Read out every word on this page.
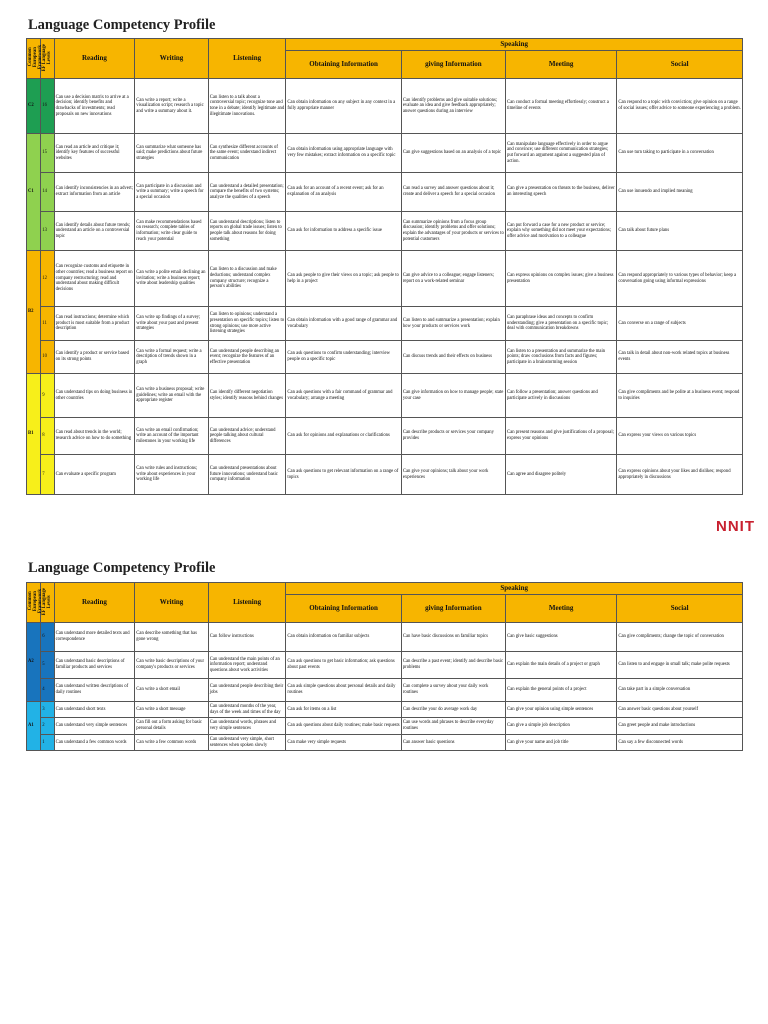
Language Competency Profile
Common
European
Framework	EF Language
Levels	Reading	Writing	Listening	Speaking			
					Obtaining Information	giving Information	Meeting	Social
C2	16	Can use a decision matrix to arrive at a decision; identify benefits and drawbacks of investments; read proposals on new innovations	Can write a report; write a visualization script; research a topic and write a summary about it.	Can listen to a talk about a controversial topic; recognize tone and tone in a debate; identify legitimate and illegitimate innovations.	Can obtain information on any subject in any context in a fully appropriate manner	Can identify problems and give suitable solutions; evaluate an idea and give feedback appropriately; answer questions during an interview	Can conduct a formal meeting effortlessly; construct a timeline of events	Can respond to a topic with conviction; give opinion on a range of social issues; offer advice to someone experiencing a problem.
C1	15	Can read an article and critique it; identify key features of successful websites	Can summarize what someone has said; make predictions about future strategies	Can synthesize different accounts of the same event; understand indirect communication	Can obtain information using appropriate language with very few mistakes; extract information on a specific topic	Can give suggestions based on an analysis of a topic	Can manipulate language effectively in order to argue and convince; use different communication strategies; put forward an argument against a suggested plan of action.	Can use turn taking to participate in a conversation
	14	Can identify inconsistencies in an advert; extract information from an article	Can participate in a discussion and write a summary; write a speech for a special occasion	Can understand a detailed presentation; compare the benefits of two systems; analyze the qualities of a speech	Can ask for an account of a recent event; ask for an explanation of an analysis	Can read a survey and answer questions about it; create and deliver a speech for a special occasion	Can give a presentation on threats to the business, deliver an interesting speech	Can use innuendo and implied meaning
	13	Can identify details about future trends; understand an article on a controversial topic	Can make recommendations based on research; complete tables of information; write clear guide to reach your potential	Can understand descriptions; listen to reports on global trade issues; listen to people talk about reasons for doing something	Can ask for information to address a specific issue	Can summarize opinions from a focus group discussion; identify problems and offer solutions; explain the advantages of your products or services to potential customers	Can put forward a case for a new product or service; explain why something did not meet your expectations; offer advice and motivation to a colleague	Can talk about future plans
B2	12	Can recognize customs and etiquette in other countries; read a business report on company restructuring; read and understand about making difficult decisions	Can write a polite email declining an invitation; write a business report; write about leadership qualities	Can listen to a discussion and make deductions; understand complex company structure; recognize a person's abilities	Can ask people to give their views on a topic; ask people to help in a project	Can give advice to a colleague; engage listeners; report on a work-related seminar	Can express opinions on complex issues; give a business presentation	Can respond appropriately to various types of behavior; keep a conversation going using informal expressions
	11	Can read instructions; determine which product is most suitable from a product description	Can write up findings of a survey; write about your past and present strategies	Can listen to opinions; understand a presentation on specific topics; listen to strong opinions; use more active listening strategies	Can obtain information with a good range of grammar and vocabulary	Can listen to and summarize a presentation; explain how your products or services work	Can paraphrase ideas and concepts to confirm understanding; give a presentation on a specific topic; deal with communication breakdowns	Can converse on a range of subjects
	10	Can identify a product or service based on its strong points	Can write a formal request; write a description of trends shown in a graph	Can understand people describing an event; recognize the features of an effective presentation	Can ask questions to confirm understanding; interview people on a specific topic	Can discuss trends and their effects on business	Can listen to a presentation and summarize the main points; draw conclusions from facts and figures; participate in a brainstorming session	Can talk in detail about non-work related topics at business events
B1	9	Can understand tips on doing business in other countries	Can write a business proposal; write guidelines; write an email with the appropriate register	Can identify different negotiation styles; identify reasons behind changes	Can ask questions with a fair command of grammar and vocabulary; arrange a meeting	Can give information on how to manage people; state your case	Can follow a presentation; answer questions and participate actively in discussions	Can give compliments and be polite at a business event; respond to inquiries
	8	Can read about trends in the world; research advice on how to do something	Can write an email confirmation; write an account of the important milestones in your working life	Can understand advice; understand people talking about cultural differences	Can ask for opinions and explanations or clarifications	Can describe products or services your company provides	Can present reasons and give justifications of a proposal; express your opinions	Can express your views on various topics
	7	Can evaluate a specific program	Can write rules and instructions; write about experiences in your working life	Can understand presentations about future innovations; understand basic company information	Can ask questions to get relevant information on a range of topics	Can give your opinions; talk about your work experiences	Can agree and disagree politely	Can express opinions about your likes and dislikes; respond appropriately in discussions
NNIT
Language Competency Profile
Common
European
Framework	EF Language
Levels	Reading	Writing	Listening	Speaking			
					Obtaining Information	giving Information	Meeting	Social
A2	6	Can understand more detailed texts and correspondence	Can describe something that has gone wrong	Can follow instructions	Can obtain information on familiar subjects	Can have basic discussions on familiar topics	Can give basic suggestions	Can give compliments; change the topic of conversation
	5	Can understand basic descriptions of familiar products and services	Can write basic descriptions of your company's products or services	Can understand the main points of an information report; understand questions about work activities	Can ask questions to get basic information; ask questions about past events	Can describe a past event; identify and describe basic problems	Can explain the main details of a project or graph	Can listen to and engage in small talk; make polite requests
	4	Can understand written descriptions of daily routines	Can write a short email	Can understand people describing their jobs	Can ask simple questions about personal details and daily routines	Can complete a survey about your daily work routines	Can explain the general points of a project	Can take part in a simple conversation
A1	3	Can understand short texts	Can write a short message	Can understand months of the year, days of the week and times of the day	Can ask for items on a list	Can describe your do average work day	Can give your opinion using simple sentences	Can answer basic questions about yourself
	2	Can understand very simple sentences	Can fill out a form asking for basic personal details	Can understand words, phrases and very simple sentences	Can ask questions about daily routines; make basic requests	Can use words and phrases to describe everyday routines	Can give a simple job description	Can greet people and make introductions
	1	Can understand a few common words	Can write a few common words	Can understand very simple, short sentences when spoken slowly	Can make very simple requests	Can answer basic questions	Can give your name and job title	Can say a few disconnected words
